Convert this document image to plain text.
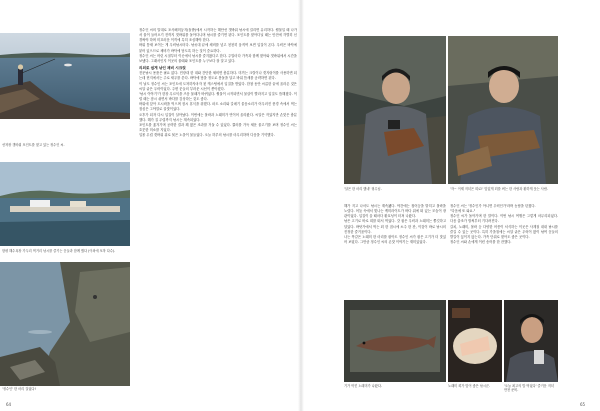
선착장 갯바위 포인트를 찾고 있는 정수인 씨.
함평 해수욕장 가두리 먹거리 낚시를 즐기는 꾼들과 함께 했다 (이외에 포착 다수).
'정수인' 한 마리 걸었다!

정수인 씨의 말대로 포사폐미둥지(돌밭)에서 시작하는 해안선 갯바위 낚시에 걸리면 유리하다. 썰물일 때 나가서 물이 들어오기 전까지 갯바위를 돌아다니며 낚시를 즐기면 된다. 포인트를 찾아다닐 때는 안전에 각별히 신경써야 하며 미끄러운 이끼에 특히 조심해야 한다.

바위 틈새 보이는 게 우럭낚시터다. 낚싯대 끝에 채비를 넣고 천천히 움직여 보면 입질이 온다. 우럭은 바닥에 붙어 있으므로 채비가 바닥에 닿도록 하는 것이 중요하다.

정수인 씨는 어린 시절부터 이곳에서 낚시를 즐겨왔다고 한다. 주말마다 가족과 함께 찾아와 갯바위에서 시간을 보냈다. 그래서인지 이곳의 물때와 포인트를 누구보다 잘 알고 있다.

의외로 쉽게 낚인 채비 시크릿

전문낚시 용품은 필요 없다. 민장대 한 대와 간단한 채비면 충분하다. 미끼는 크릴이나 갯지렁이를 사용하면 되는데 현지에서는 주로 새우를 쓴다. 바닥에 닿을 정도로 봉돌을 달고 바위 틈새를 공략하면 된다.

이 날도 정수인 씨는 포인트에 도착하자마자 첫 캐스팅에서 입질을 받았다. 한참 동안 씨름한 끝에 올라온 것은 씨알 굵은 우럭이었다. 주변 꾼들의 부러운 시선이 쏟아졌다.

'낚시 이야기'가 한창 무르익을 즈음 물때가 바뀌었다. 썰물이 시작되면서 물살이 빨라지고 입질도 뜸해졌다. 이럴 때는 잠시 쉬면서 바다를 감상하는 것도 좋다.

바위에 앉아 도시락을 먹으며 잠시 휴식을 취했다. 파도 소리와 갈매기 울음소리가 어우러진 풍경 속에서 먹는 점심은 그야말로 꿀맛이었다.

오후가 되자 다시 입질이 살아났다. 이번에는 볼락과 노래미가 연이어 올라왔다. 씨알은 작았지만 손맛은 충분했다. 해가 질 무렵까지 낚시는 계속되었다.

포인트를 옮겨가며 공략한 결과 꽤 많은 조과를 거둘 수 있었다. 쿨러를 가득 채운 물고기를 보며 정수인 씨는 흐뭇한 미소를 지었다.

일몰 무렵 갯바위 위로 붉은 노을이 물들었다. 오늘 하루의 낚시를 마무리하며 다음을 기약했다.

64
'살은 한 마리 했네' 형수님.	'자~ 이제 저녁은 회로!' 맛있게 회를 써는 한 사람과 환하게 웃는 사람.

해가 지고 나서도 낚시는 계속됐다. 야간에는 집어등을 밝히고 볼락을 노렸다. 어둠 속에서 빛나는 케미라이트가 바다 위에 떠 있는 모습이 장관이었다. 입질이 올 때마다 환호성이 터져 나왔다.

낚은 고기로 바로 회를 떠서 먹었다. 갓 잡은 우럭과 노래미는 쫄깃하고 달았다. 바닷가에서 먹는 회 한 접시에 소주 한 잔, 이것이 바로 낚시의 진정한 즐거움이다.

나는 똑같은 노래미 한 마리를 잡아도 정수인 씨가 잡은 고기가 더 맛있어 보였다. 그만큼 정수인 씨의 손맛 이야기는 재미있었다.

정수인 씨는 '정수인가 아니면 우럭인가'라며 농담을 던졌다.

"다음에 또 와요."

정수인 씨가 돌아가며 한 말이다. 이번 낚시 여행은 그렇게 마무리되었다. 다음 출조가 벌써부터 기다려진다.

갈치, 노래미, 볼락 등 다양한 어종이 서식하는 이곳은 사계절 내내 낚시를 즐길 수 있는 곳이다. 특히 가을철에는 씨알 굵은 우럭이 많이 낚여 꾼들의 발길이 끊이지 않는다. 가족 단위로 찾아도 좋은 곳이다.

정수인 씨와 손에게 이런 송어를 한 잔했다.

기가 막힌 노래미가 나왔다.	노래미 회가 맛이 좋은 낚시꾼.	'오늘 최고의 밥 먹었다' 즐거운 저녁 만찬 준비.
65
